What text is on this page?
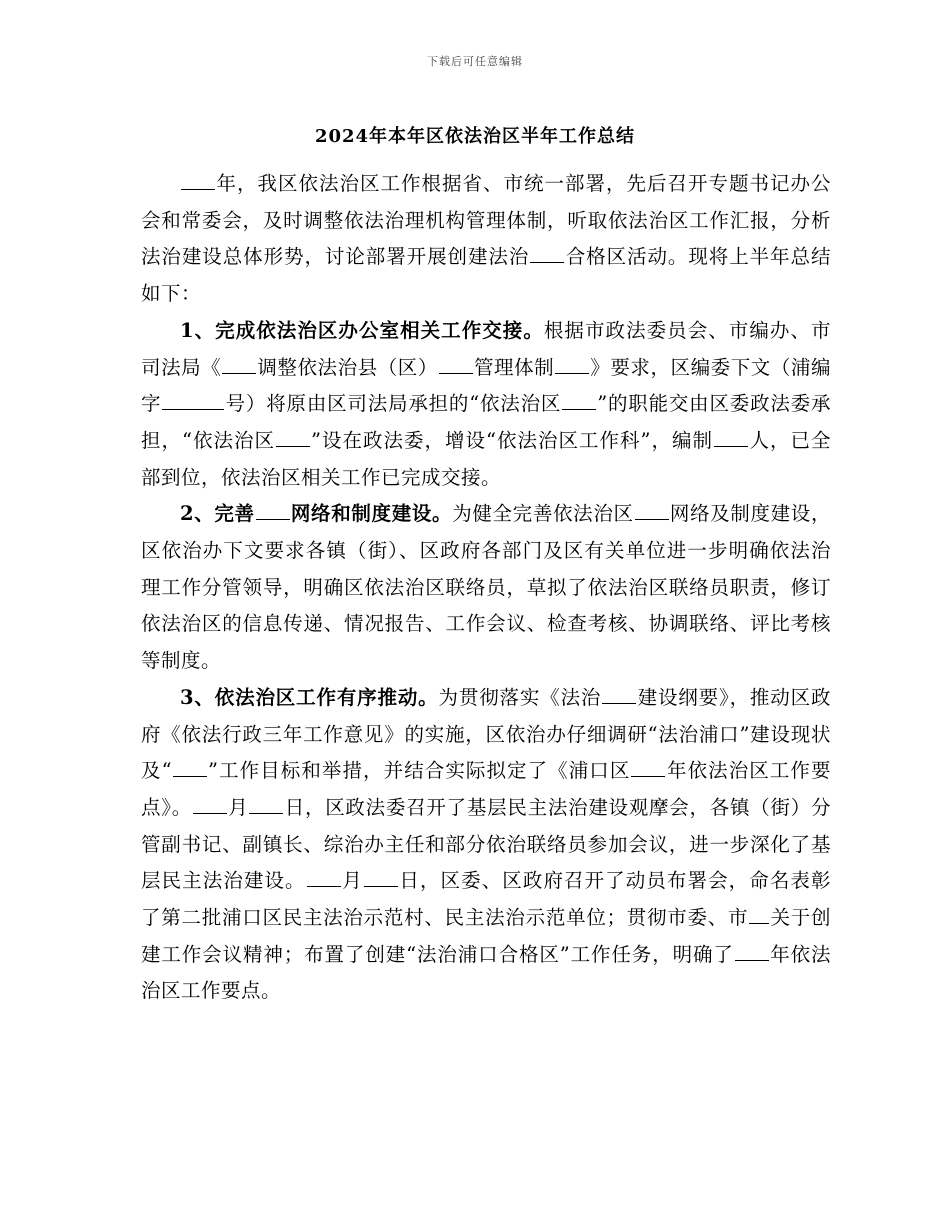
下载后可任意编辑
2024年本年区依法治区半年工作总结

年，我区依法治区工作根据省、市统一部署，先后召开专题书记办公会和常委会，及时调整依法治理机构管理体制，听取依法治区工作汇报，分析法治建设总体形势，讨论部署开展创建法治 合格区活动。现将上半年总结如下：

1、完成依法治区办公室相关工作交接。根据市政法委员会、市编办、市司法局《 调整依法治县（区） 管理体制 》要求，区编委下文（浦编字	号）将原由区司法局承担的“依法治区 ”的职能交由区委政法委承担，“依法治区 ”设在政法委，增设“依法治区工作科”，编制 人，已全部到位，依法治区相关工作已完成交接。

2、完善 网络和制度建设。为健全完善依法治区 网络及制度建设，区依治办下文要求各镇（街）、区政府各部门及区有关单位进一步明确依法治理工作分管领导，明确区依法治区联络员，草拟了依法治区联络员职责，修订依法治区的信息传递、情况报告、工作会议、检查考核、协调联络、评比考核等制度。

3、依法治区工作有序推动。为贯彻落实《法治 建设纲要》，推动区政府《依法行政三年工作意见》的实施，区依治办仔细调研“法治浦口”建设现状及“ ”工作目标和举措，并结合实际拟定了《浦口区 年依法治区工作要点》。 月 日，区政法委召开了基层民主法治建设观摩会，各镇（街）分管副书记、副镇长、综治办主任和部分依治联络员参加会议，进一步深化了基层民主法治建设。 月 日，区委、区政府召开了动员布署会，命名表彰了第二批浦口区民主法治示范村、民主法治示范单位；贯彻市委、市 关于创建工作会议精神；布置了创建“法治浦口合格区”工作任务，明确了 年依法治区工作要点。
